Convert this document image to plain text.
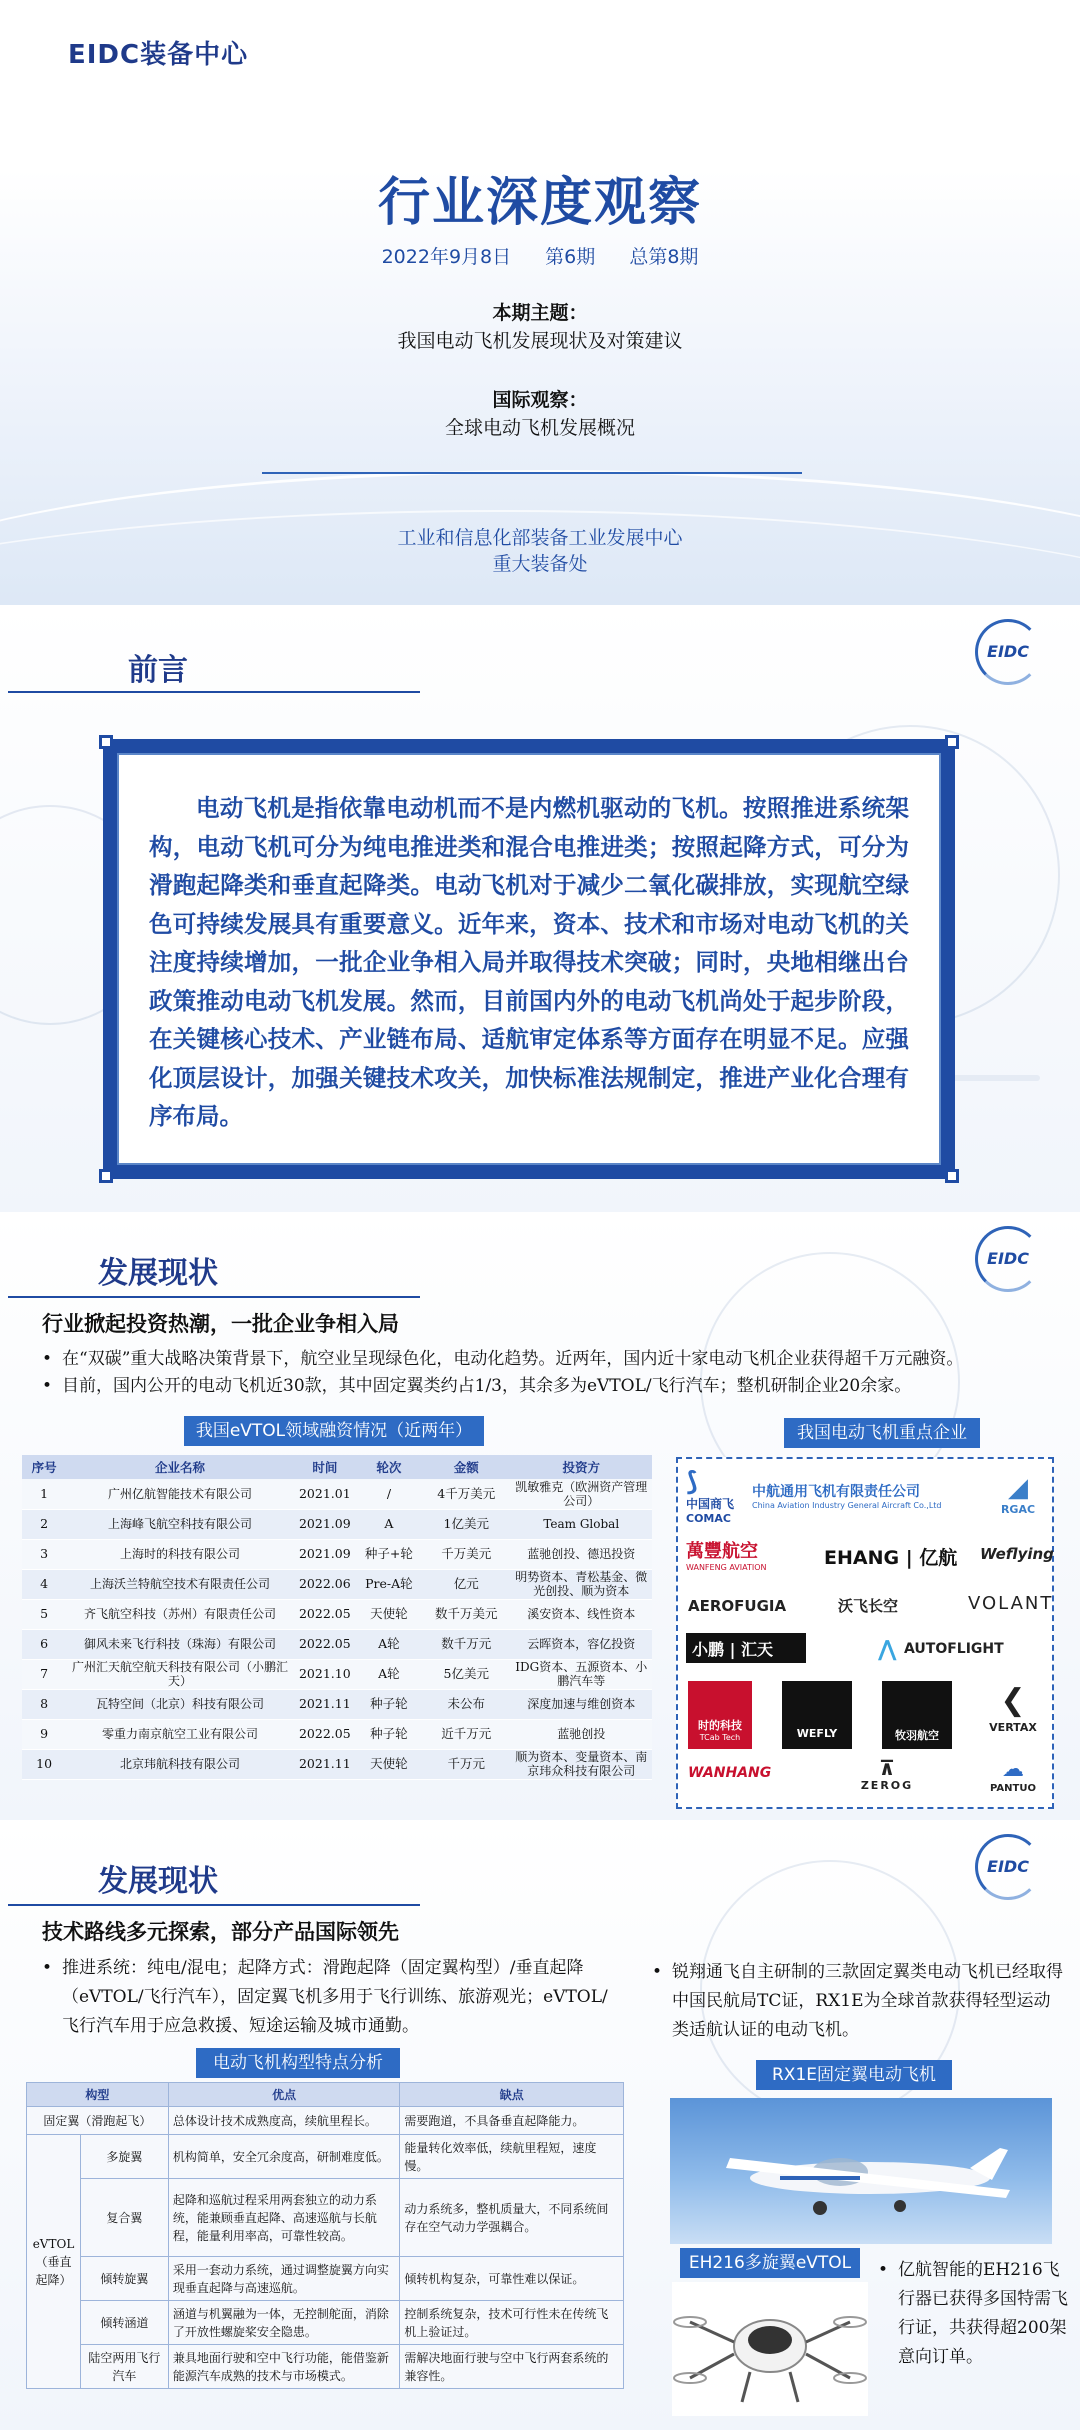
EIDC装备中心
行业深度观察
2022年9月8日 第6期 总第8期
本期主题：
我国电动飞机发展现状及对策建议
国际观察：
全球电动飞机发展概况
工业和信息化部装备工业发展中心
重大装备处
前言
EIDC

电动飞机是指依靠电动机而不是内燃机驱动的飞机。按照推进系统架构，电动飞机可分为纯电推进类和混合电推进类；按照起降方式，可分为滑跑起降类和垂直起降类。电动飞机对于减少二氧化碳排放，实现航空绿色可持续发展具有重要意义。近年来，资本、技术和市场对电动飞机的关注度持续增加，一批企业争相入局并取得技术突破；同时，央地相继出台政策推动电动飞机发展。然而，目前国内外的电动飞机尚处于起步阶段，在关键核心技术、产业链布局、适航审定体系等方面存在明显不足。应强化顶层设计，加强关键技术攻关，加快标准法规制定，推进产业化合理有序布局。

发展现状	EIDC
行业掀起投资热潮，一批企业争相入局
• 在“双碳”重大战略决策背景下，航空业呈现绿色化，电动化趋势。近两年，国内近十家电动飞机企业获得超千万元融资。
• 目前，国内公开的电动飞机近30款，其中固定翼类约占1/3，其余多为eVTOL/飞行汽车；整机研制企业20余家。
我国eVTOL领域融资情况（近两年）	我国电动飞机重点企业
序号	企业名称	时间	轮次	金额	投资方
1	广州亿航智能技术有限公司	2021.01	/	4千万美元	凯敏雅克（欧洲资产管理公司）
2	上海峰飞航空科技有限公司	2021.09	A	1亿美元	Team Global
3	上海时的科技有限公司	2021.09	种子+轮	千万美元	蓝驰创投、德迅投资
4	上海沃兰特航空技术有限责任公司	2022.06	Pre-A轮	亿元	明势资本、青松基金、微光创投、顺为资本
5	齐飞航空科技（苏州）有限责任公司	2022.05	天使轮	数千万美元	溪安资本、线性资本
6	御风未来飞行科技（珠海）有限公司	2022.05	A轮	数千万元	云晖资本，容亿投资
7	广州汇天航空航天科技有限公司（小鹏汇天）	2021.10	A轮	5亿美元	IDG资本、五源资本、小鹏汽车等
8	瓦特空间（北京）科技有限公司	2021.11	种子轮	未公布	深度加速与维创资本
9	零重力南京航空工业有限公司	2022.05	种子轮	近千万元	蓝驰创投
10	北京玮航科技有限公司	2021.11	天使轮	千万元	顺为资本、变量资本、南京玮众科技有限公司
⟆
中国商飞
COMAC
中航通用飞机有限责任公司
China Aviation Industry General Aircraft Co.,Ltd
◢
RGAC
萬豐航空
WANFENG AVIATION	EHANG | 亿航	Weflying
AEROFUGIA	沃飞长空	VOLANT
小鹏 | 汇天	⋀ AUTOFLIGHT
时的科技
TCab Tech	WEFLY	牧羽航空
❮
VERTAX
WANHANG	⊼
ZEROG
☁
PANTUO
发展现状	EIDC
技术路线多元探索，部分产品国际领先
• 推进系统：纯电/混电；起降方式：滑跑起降（固定翼构型）/垂直起降（eVTOL/飞行汽车），固定翼飞机多用于飞行训练、旅游观光；eVTOL/飞行汽车用于应急救援、短途运输及城市通勤。
• 锐翔通飞自主研制的三款固定翼类电动飞机已经取得中国民航局TC证，RX1E为全球首款获得轻型运动类适航认证的电动飞机。
电动飞机构型特点分析
RX1E固定翼电动飞机
构型		优点	缺点
固定翼（滑跑起飞）		总体设计技术成熟度高，续航里程长。	需要跑道，不具备垂直起降能力。
eVTOL（垂直起降）	多旋翼	机构简单，安全冗余度高，研制难度低。	能量转化效率低，续航里程短，速度慢。
	复合翼	起降和巡航过程采用两套独立的动力系统，能兼顾垂直起降、高速巡航与长航程，能量利用率高，可靠性较高。	动力系统多，整机质量大，不同系统间存在空气动力学强耦合。
	倾转旋翼	采用一套动力系统，通过调整旋翼方向实现垂直起降与高速巡航。	倾转机构复杂，可靠性难以保证。
	倾转涵道	涵道与机翼融为一体，无控制舵面，消除了开放性螺旋桨安全隐患。	控制系统复杂，技术可行性未在传统飞机上验证过。
	陆空两用飞行汽车	兼具地面行驶和空中飞行功能，能借鉴新能源汽车成熟的技术与市场模式。	需解决地面行驶与空中飞行两套系统的兼容性。
EH216多旋翼eVTOL	• 亿航智能的EH216飞行器已获得多国特需飞行证，共获得超200架意向订单。
